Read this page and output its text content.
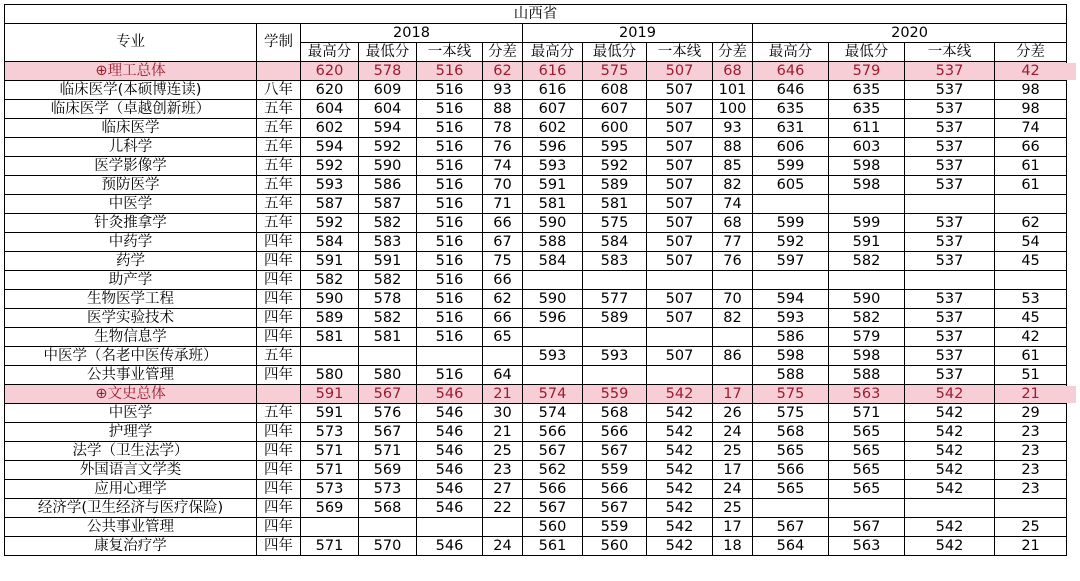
山西省													
专业	学制	2018				2019				2020			
		最高分	最低分	一本线	分差	最高分	最低分	一本线	分差	最高分	最低分	一本线	分差
⊕理工总体		620	578	516	62	616	575	507	68	646	579	537	42
临床医学(本硕博连读)	八年	620	609	516	93	616	608	507	101	646	635	537	98
临床医学（卓越创新班）	五年	604	604	516	88	607	607	507	100	635	635	537	98
临床医学	五年	602	594	516	78	602	600	507	93	631	611	537	74
儿科学	五年	594	592	516	76	596	595	507	88	606	603	537	66
医学影像学	五年	592	590	516	74	593	592	507	85	599	598	537	61
预防医学	五年	593	586	516	70	591	589	507	82	605	598	537	61
中医学	五年	587	587	516	71	581	581	507	74				
针灸推拿学	五年	592	582	516	66	590	575	507	68	599	599	537	62
中药学	四年	584	583	516	67	588	584	507	77	592	591	537	54
药学	四年	591	591	516	75	584	583	507	76	597	582	537	45
助产学	四年	582	582	516	66								
生物医学工程	四年	590	578	516	62	590	577	507	70	594	590	537	53
医学实验技术	四年	589	582	516	66	596	589	507	82	593	582	537	45
生物信息学	四年	581	581	516	65					586	579	537	42
中医学（名老中医传承班）	五年					593	593	507	86	598	598	537	61
公共事业管理	四年	580	580	516	64					588	588	537	51
⊕文史总体		591	567	546	21	574	559	542	17	575	563	542	21
中医学	五年	591	576	546	30	574	568	542	26	575	571	542	29
护理学	四年	573	567	546	21	566	566	542	24	568	565	542	23
法学（卫生法学）	四年	571	571	546	25	567	567	542	25	565	565	542	23
外国语言文学类	四年	571	569	546	23	562	559	542	17	566	565	542	23
应用心理学	四年	573	573	546	27	566	566	542	24	565	565	542	23
经济学(卫生经济与医疗保险)	四年	569	568	546	22	567	567	542	25				
公共事业管理	四年					560	559	542	17	567	567	542	25
康复治疗学	四年	571	570	546	24	561	560	542	18	564	563	542	21
